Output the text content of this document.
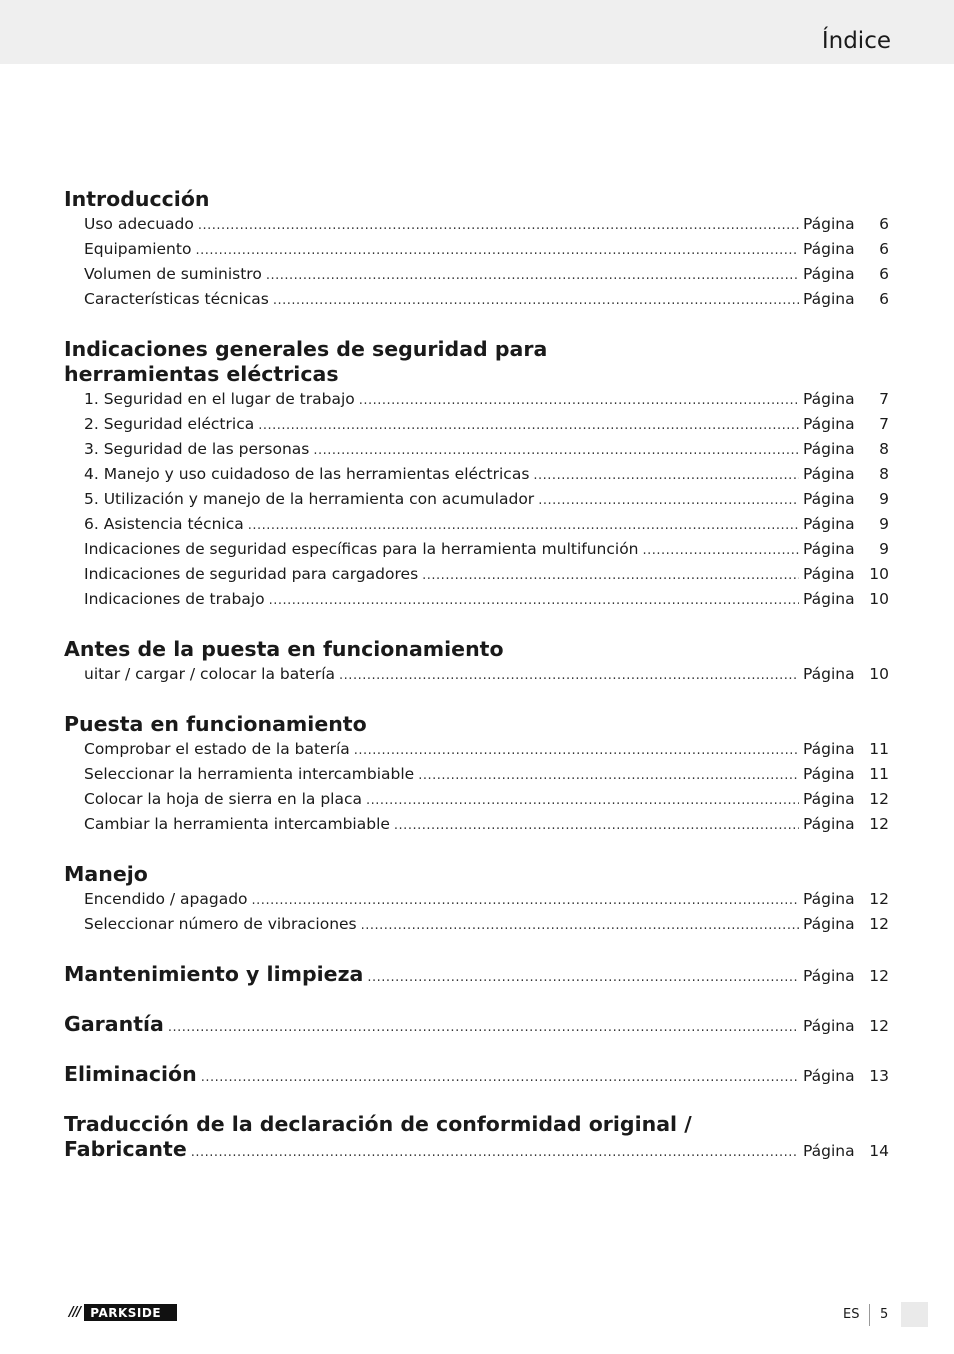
Índice
Introducción
Uso adecuado .....	Página	6
Equipamiento .....	Página	6
Volumen de suministro .....	Página	6
Características técnicas .....	Página	6
Indicaciones generales de seguridad para
herramientas eléctricas
1. Seguridad en el lugar de trabajo .....	Página	7
2. Seguridad eléctrica .....	Página	7
3. Seguridad de las personas .....	Página	8
4. Manejo y uso cuidadoso de las herramientas eléctricas .....	Página	8
5. Utilización y manejo de la herramienta con acumulador .....	Página	9
6. Asistencia técnica .....	Página	9
Indicaciones de seguridad específicas para la herramienta multifunción .....	Página	9
Indicaciones de seguridad para cargadores .....	Página 10
Indicaciones de trabajo .....	Página 10
Antes de la puesta en funcionamiento
uitar / cargar / colocar la batería .....	Página 10
Puesta en funcionamiento
Comprobar el estado de la batería .....	Página 11
Seleccionar la herramienta intercambiable .....	Página 11
Colocar la hoja de sierra en la placa .....	Página 12
Cambiar la herramienta intercambiable .....	Página 12
Manejo
Encendido / apagado .....	Página 12
Seleccionar número de vibraciones .....	Página 12
Mantenimiento y limpieza .....	Página 12
Garantía .....	Página 12
Eliminación .....	Página 13
Traducción de la declaración de conformidad original /
Fabricante .....	Página 14
/// PARKSIDE	ES 5
